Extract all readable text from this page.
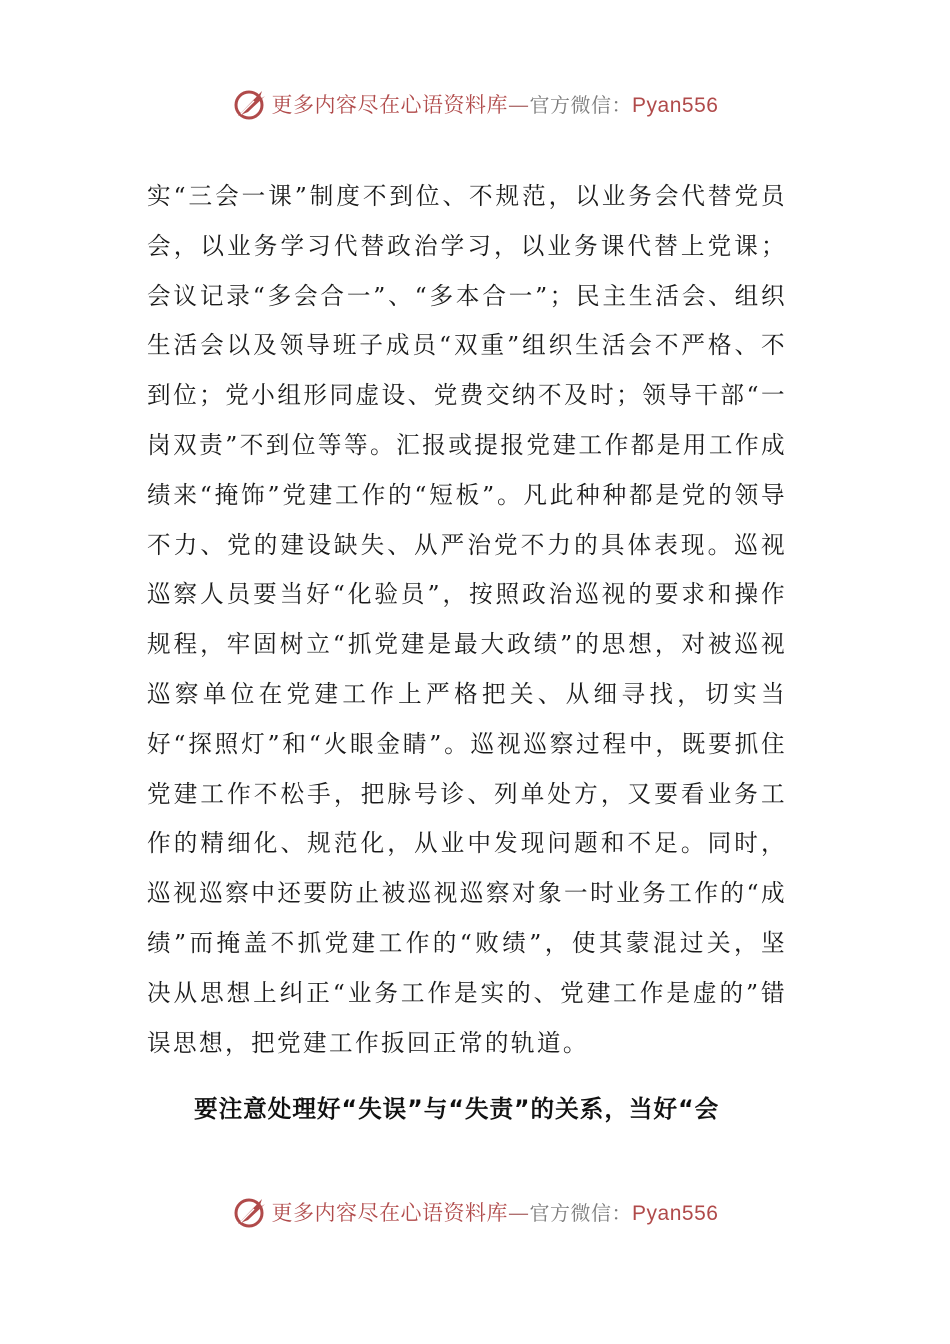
更多内容尽在心语资料库—官方微信：Pyan556

实“三会一课”制度不到位、不规范，以业务会代替党员会，以业务学习代替政治学习，以业务课代替上党课；会议记录“多会合一”、“多本合一”；民主生活会、组织生活会以及领导班子成员“双重”组织生活会不严格、不到位；党小组形同虚设、党费交纳不及时；领导干部“一岗双责”不到位等等。汇报或提报党建工作都是用工作成绩来“掩饰”党建工作的“短板”。凡此种种都是党的领导不力、党的建设缺失、从严治党不力的具体表现。巡视巡察人员要当好“化验员”，按照政治巡视的要求和操作规程，牢固树立“抓党建是最大政绩”的思想，对被巡视巡察单位在党建工作上严格把关、从细寻找，切实当好“探照灯”和“火眼金睛”。巡视巡察过程中，既要抓住党建工作不松手，把脉号诊、列单处方，又要看业务工作的精细化、规范化，从业中发现问题和不足。同时，巡视巡察中还要防止被巡视巡察对象一时业务工作的“成绩”而掩盖不抓党建工作的“败绩”，使其蒙混过关，坚决从思想上纠正“业务工作是实的、党建工作是虚的”错误思想，把党建工作扳回正常的轨道。

要注意处理好“失误”与“失责”的关系，当好“会

更多内容尽在心语资料库—官方微信：Pyan556
